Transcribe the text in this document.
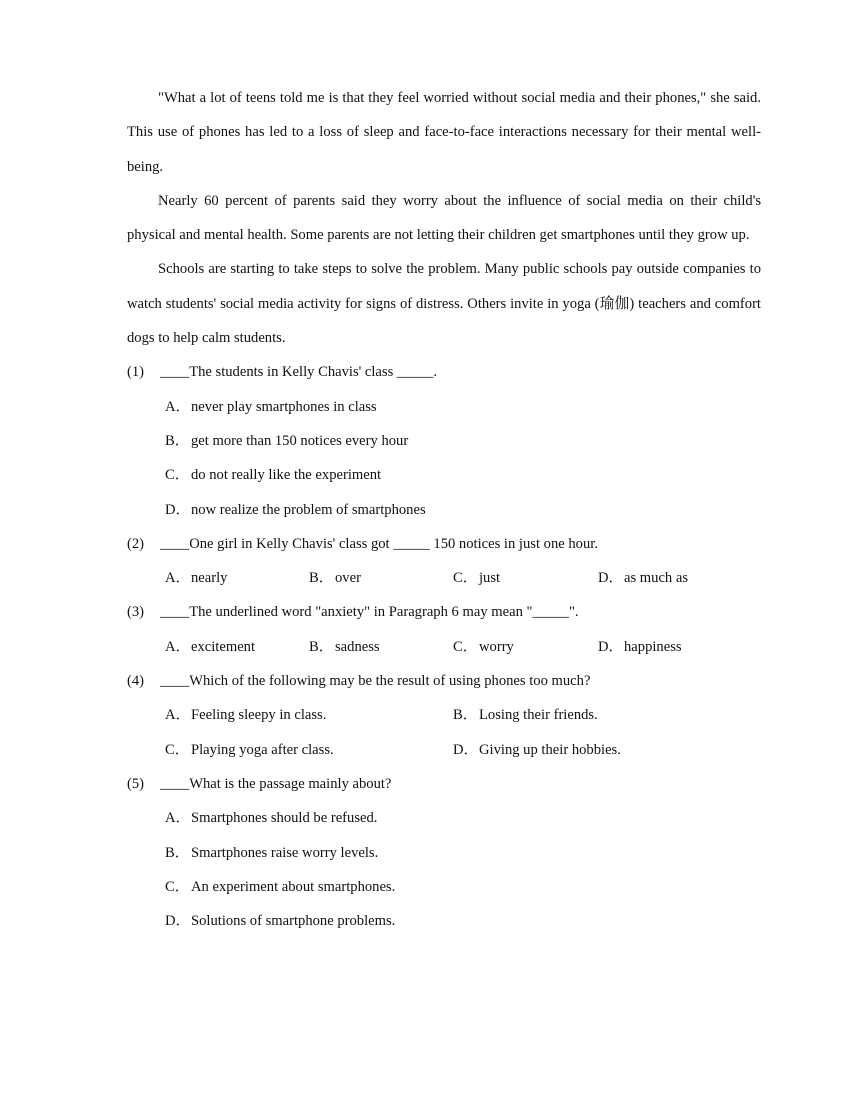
"What a lot of teens told me is that they feel worried without social media and their phones," she said. This use of phones has led to a loss of sleep and face-to-face interactions necessary for their mental well-being.

Nearly 60 percent of parents said they worry about the influence of social media on their child's physical and mental health. Some parents are not letting their children get smartphones until they grow up.

Schools are starting to take steps to solve the problem. Many public schools pay outside companies to watch students' social media activity for signs of distress. Others invite in yoga (瑜伽) teachers and comfort dogs to help calm students.

(1) ____The students in Kelly Chavis' class _____.
A．never play smartphones in class
B． get more than 150 notices every hour
C． do not really like the experiment
D．now realize the problem of smartphones
(2) ____One girl in Kelly Chavis' class got _____ 150 notices in just one hour.
A．nearly	B． over	C． just	D．as much as
(3) ____The underlined word "anxiety" in Paragraph 6 may mean "_____".
A．excitement	B． sadness	C． worry	D．happiness
(4) ____Which of the following may be the result of using phones too much?
A．Feeling sleepy in class.	B． Losing their friends.
C． Playing yoga after class.	D．Giving up their hobbies.
(5) ____What is the passage mainly about?
A．Smartphones should be refused.
B． Smartphones raise worry levels.
C． An experiment about smartphones.
D．Solutions of smartphone problems.
